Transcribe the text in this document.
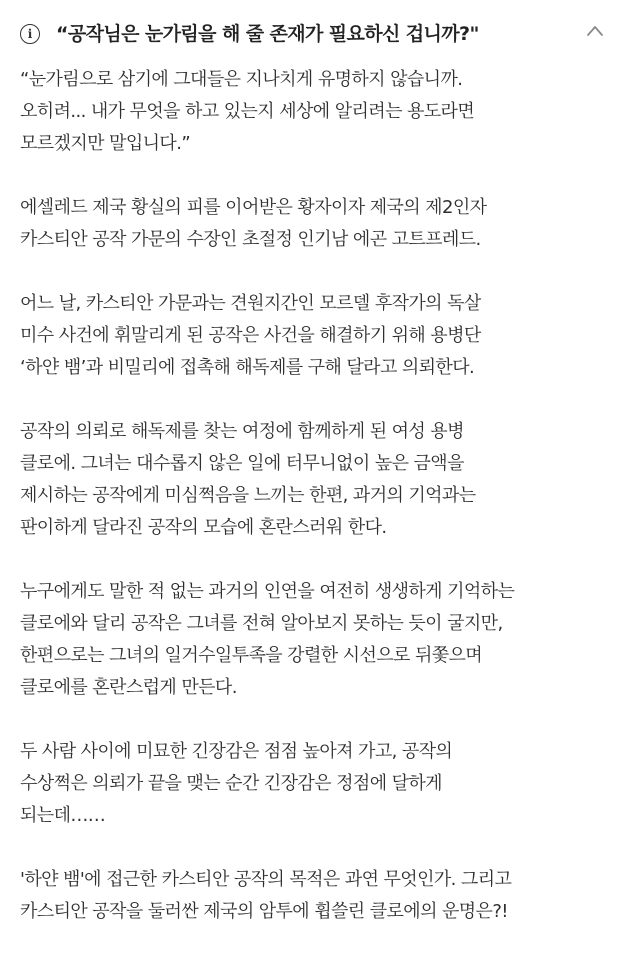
i	“공작님은 눈가림을 해 줄 존재가 필요하신 겁니까?"

“눈가림으로 삼기에 그대들은 지나치게 유명하지 않습니까.
오히려... 내가 무엇을 하고 있는지 세상에 알리려는 용도라면
모르겠지만 말입니다.”

에셀레드 제국 황실의 피를 이어받은 황자이자 제국의 제2인자
카스티안 공작 가문의 수장인 초절정 인기남 에곤 고트프레드.

어느 날, 카스티안 가문과는 견원지간인 모르델 후작가의 독살
미수 사건에 휘말리게 된 공작은 사건을 해결하기 위해 용병단
‘하얀 뱀’과 비밀리에 접촉해 해독제를 구해 달라고 의뢰한다.

공작의 의뢰로 해독제를 찾는 여정에 함께하게 된 여성 용병
클로에. 그녀는 대수롭지 않은 일에 터무니없이 높은 금액을
제시하는 공작에게 미심쩍음을 느끼는 한편, 과거의 기억과는
판이하게 달라진 공작의 모습에 혼란스러워 한다.

누구에게도 말한 적 없는 과거의 인연을 여전히 생생하게 기억하는
클로에와 달리 공작은 그녀를 전혀 알아보지 못하는 듯이 굴지만,
한편으로는 그녀의 일거수일투족을 강렬한 시선으로 뒤쫓으며
클로에를 혼란스럽게 만든다.

두 사람 사이에 미묘한 긴장감은 점점 높아져 가고, 공작의
수상쩍은 의뢰가 끝을 맺는 순간 긴장감은 정점에 달하게
되는데……

'하얀 뱀'에 접근한 카스티안 공작의 목적은 과연 무엇인가. 그리고
카스티안 공작을 둘러싼 제국의 암투에 휩쓸린 클로에의 운명은?!
